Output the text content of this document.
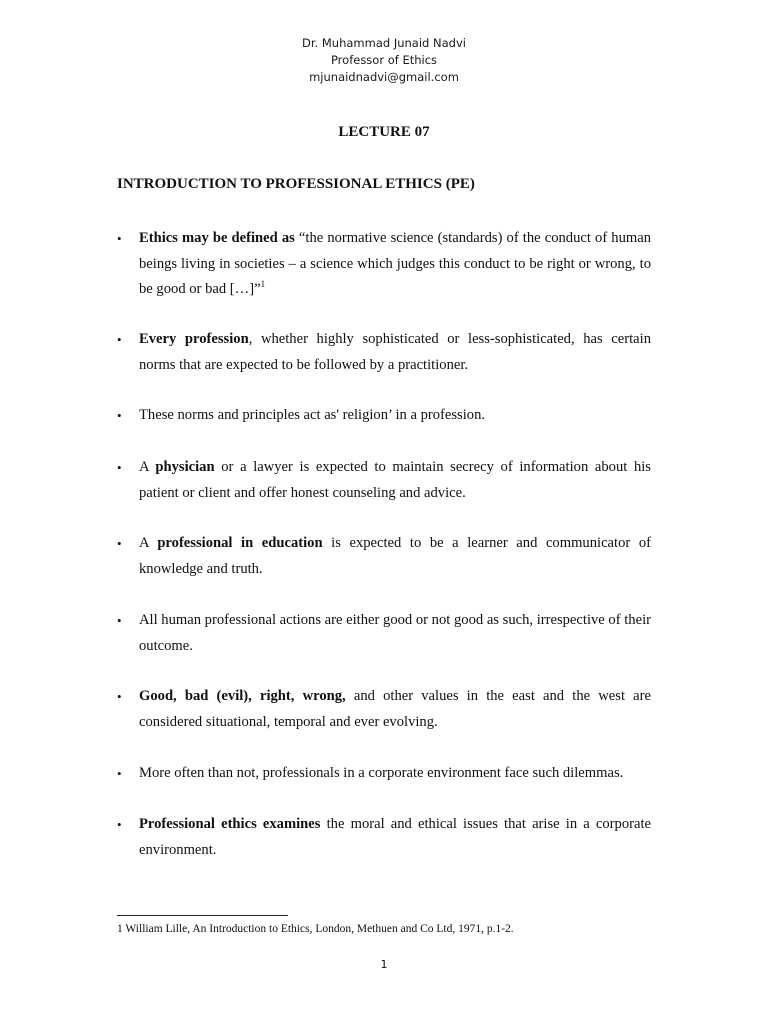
Dr. Muhammad Junaid Nadvi
Professor of Ethics
mjunaidnadvi@gmail.com
LECTURE 07
INTRODUCTION TO PROFESSIONAL ETHICS (PE)
•	Ethics may be defined as “the normative science (standards) of the conduct of human beings living in societies – a science which judges this conduct to be right or wrong, to be good or bad […]”$^1$
•	Every profession, whether highly sophisticated or less-sophisticated, has certain norms that are expected to be followed by a practitioner.
•	These norms and principles act as' religion’ in a profession.
•	A physician or a lawyer is expected to maintain secrecy of information about his patient or client and offer honest counseling and advice.
•	A professional in education is expected to be a learner and communicator of knowledge and truth.
•	All human professional actions are either good or not good as such, irrespective of their outcome.
•	Good, bad (evil), right, wrong, and other values in the east and the west are considered situational, temporal and ever evolving.
•	More often than not, professionals in a corporate environment face such dilemmas.
•	Professional ethics examines the moral and ethical issues that arise in a corporate environment.
1 William Lille, An Introduction to Ethics, London, Methuen and Co Ltd, 1971, p.1-2.
1
